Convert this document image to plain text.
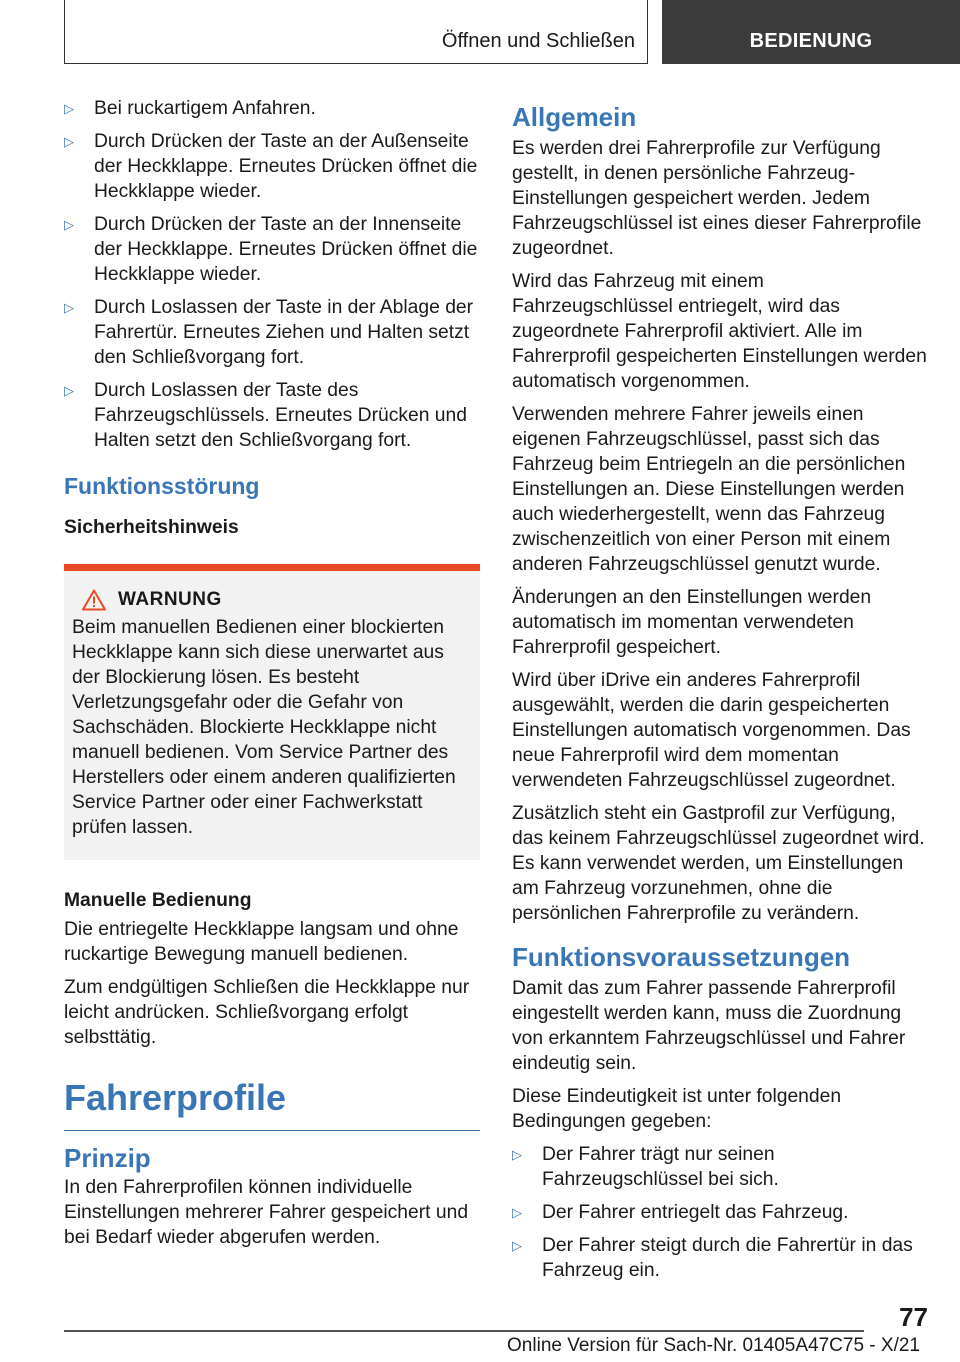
Öffnen und Schließen	BEDIENUNG
▷ Bei ruckartigem Anfahren.
▷ Durch Drücken der Taste an der Außenseite der Heckklappe. Erneutes Drücken öffnet die Heckklappe wieder.
▷ Durch Drücken der Taste an der Innenseite der Heckklappe. Erneutes Drücken öffnet die Heckklappe wieder.
▷ Durch Loslassen der Taste in der Ablage der Fahrertür. Erneutes Ziehen und Halten setzt den Schließvorgang fort.
▷ Durch Loslassen der Taste des Fahrzeugschlüssels. Erneutes Drücken und Halten setzt den Schließvorgang fort.
Funktionsstörung
Sicherheitshinweis
WARNUNG

Beim manuellen Bedienen einer blockierten Heckklappe kann sich diese unerwartet aus der Blockierung lösen. Es besteht Verletzungsgefahr oder die Gefahr von Sachschäden. Blockierte Heckklappe nicht manuell bedienen. Vom Service Partner des Herstellers oder einem anderen qualifizierten Service Partner oder einer Fachwerkstatt prüfen lassen.

Manuelle Bedienung

Die entriegelte Heckklappe langsam und ohne ruckartige Bewegung manuell bedienen.

Zum endgültigen Schließen die Heckklappe nur leicht andrücken. Schließvorgang erfolgt selbsttätig.

Fahrerprofile
Prinzip

In den Fahrerprofilen können individuelle Einstellungen mehrerer Fahrer gespeichert und bei Bedarf wieder abgerufen werden.

Allgemein

Es werden drei Fahrerprofile zur Verfügung gestellt, in denen persönliche Fahrzeug-Einstellungen gespeichert werden. Jedem Fahrzeugschlüssel ist eines dieser Fahrerprofile zugeordnet.

Wird das Fahrzeug mit einem Fahrzeugschlüssel entriegelt, wird das zugeordnete Fahrerprofil aktiviert. Alle im Fahrerprofil gespeicherten Einstellungen werden automatisch vorgenommen.

Verwenden mehrere Fahrer jeweils einen eigenen Fahrzeugschlüssel, passt sich das Fahrzeug beim Entriegeln an die persönlichen Einstellungen an. Diese Einstellungen werden auch wiederhergestellt, wenn das Fahrzeug zwischenzeitlich von einer Person mit einem anderen Fahrzeugschlüssel genutzt wurde.

Änderungen an den Einstellungen werden automatisch im momentan verwendeten Fahrerprofil gespeichert.

Wird über iDrive ein anderes Fahrerprofil ausgewählt, werden die darin gespeicherten Einstellungen automatisch vorgenommen. Das neue Fahrerprofil wird dem momentan verwendeten Fahrzeugschlüssel zugeordnet.

Zusätzlich steht ein Gastprofil zur Verfügung, das keinem Fahrzeugschlüssel zugeordnet wird. Es kann verwendet werden, um Einstellungen am Fahrzeug vorzunehmen, ohne die persönlichen Fahrerprofile zu verändern.

Funktionsvoraussetzungen

Damit das zum Fahrer passende Fahrerprofil eingestellt werden kann, muss die Zuordnung von erkanntem Fahrzeugschlüssel und Fahrer eindeutig sein.

Diese Eindeutigkeit ist unter folgenden Bedingungen gegeben:

▷ Der Fahrer trägt nur seinen Fahrzeugschlüssel bei sich.
▷ Der Fahrer entriegelt das Fahrzeug.
▷ Der Fahrer steigt durch die Fahrertür in das Fahrzeug ein.
77
Online Version für Sach-Nr. 01405A47C75 - X/21
